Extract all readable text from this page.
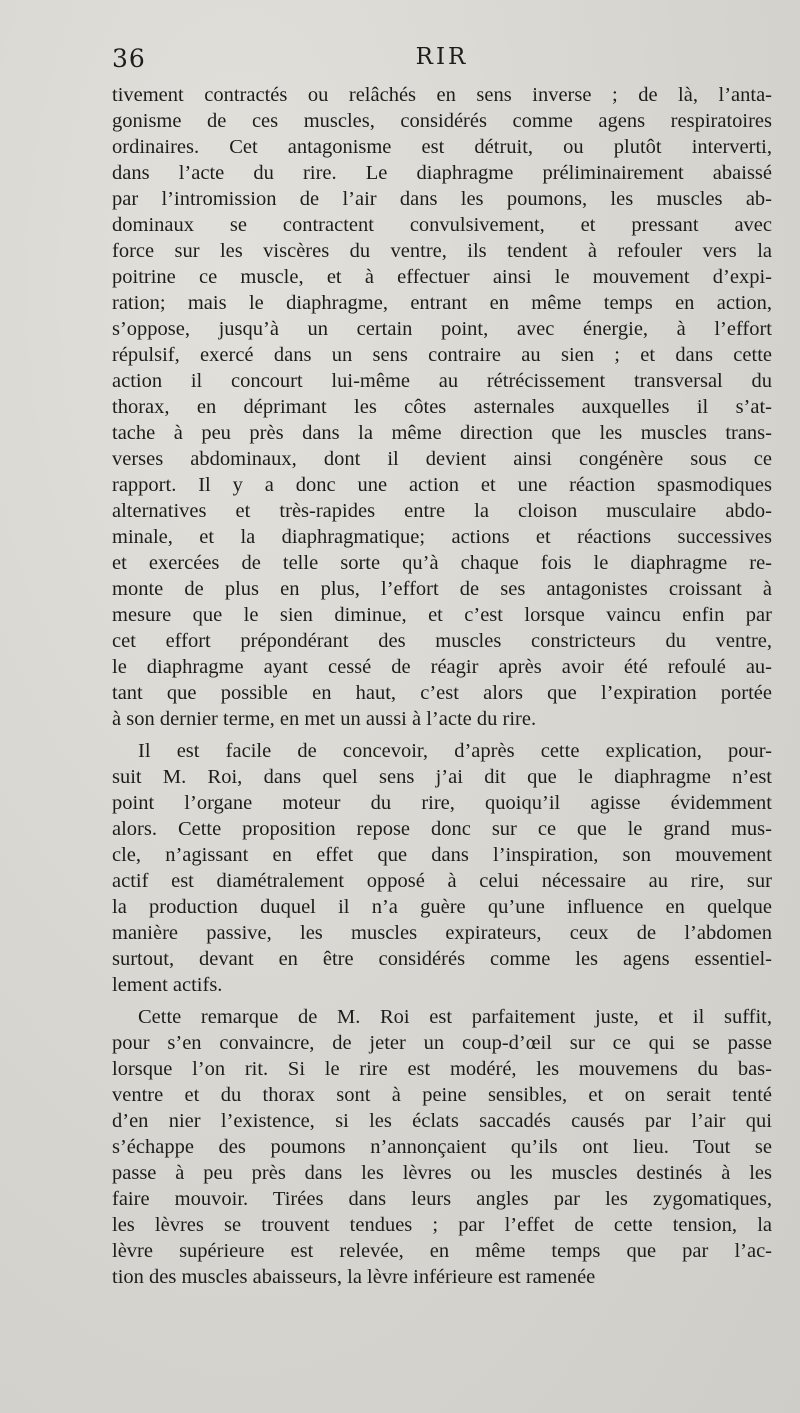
36	RIR
tivement contractés ou relâchés en sens inverse ; de là, l’anta-
gonisme de ces muscles, considérés comme agens respiratoires
ordinaires. Cet antagonisme est détruit, ou plutôt interverti,
dans l’acte du rire. Le diaphragme préliminairement abaissé
par l’intromission de l’air dans les poumons, les muscles ab-
dominaux se contractent convulsivement, et pressant avec
force sur les viscères du ventre, ils tendent à refouler vers la
poitrine ce muscle, et à effectuer ainsi le mouvement d’expi-
ration; mais le diaphragme, entrant en même temps en action,
s’oppose, jusqu’à un certain point, avec énergie, à l’effort
répulsif, exercé dans un sens contraire au sien ; et dans cette
action il concourt lui-même au rétrécissement transversal du
thorax, en déprimant les côtes asternales auxquelles il s’at-
tache à peu près dans la même direction que les muscles trans-
verses abdominaux, dont il devient ainsi congénère sous ce
rapport. Il y a donc une action et une réaction spasmodiques
alternatives et très-rapides entre la cloison musculaire abdo-
minale, et la diaphragmatique; actions et réactions successives
et exercées de telle sorte qu’à chaque fois le diaphragme re-
monte de plus en plus, l’effort de ses antagonistes croissant à
mesure que le sien diminue, et c’est lorsque vaincu enfin par
cet effort prépondérant des muscles constricteurs du ventre,
le diaphragme ayant cessé de réagir après avoir été refoulé au-
tant que possible en haut, c’est alors que l’expiration portée
à son dernier terme, en met un aussi à l’acte du rire.
Il est facile de concevoir, d’après cette explication, pour-
suit M. Roi, dans quel sens j’ai dit que le diaphragme n’est
point l’organe moteur du rire, quoiqu’il agisse évidemment
alors. Cette proposition repose donc sur ce que le grand mus-
cle, n’agissant en effet que dans l’inspiration, son mouvement
actif est diamétralement opposé à celui nécessaire au rire, sur
la production duquel il n’a guère qu’une influence en quelque
manière passive, les muscles expirateurs, ceux de l’abdomen
surtout, devant en être considérés comme les agens essentiel-
lement actifs.
Cette remarque de M. Roi est parfaitement juste, et il suffit,
pour s’en convaincre, de jeter un coup-d’œil sur ce qui se passe
lorsque l’on rit. Si le rire est modéré, les mouvemens du bas-
ventre et du thorax sont à peine sensibles, et on serait tenté
d’en nier l’existence, si les éclats saccadés causés par l’air qui
s’échappe des poumons n’annonçaient qu’ils ont lieu. Tout se
passe à peu près dans les lèvres ou les muscles destinés à les
faire mouvoir. Tirées dans leurs angles par les zygomatiques,
les lèvres se trouvent tendues ; par l’effet de cette tension, la
lèvre supérieure est relevée, en même temps que par l’ac-
tion des muscles abaisseurs, la lèvre inférieure est ramenée
